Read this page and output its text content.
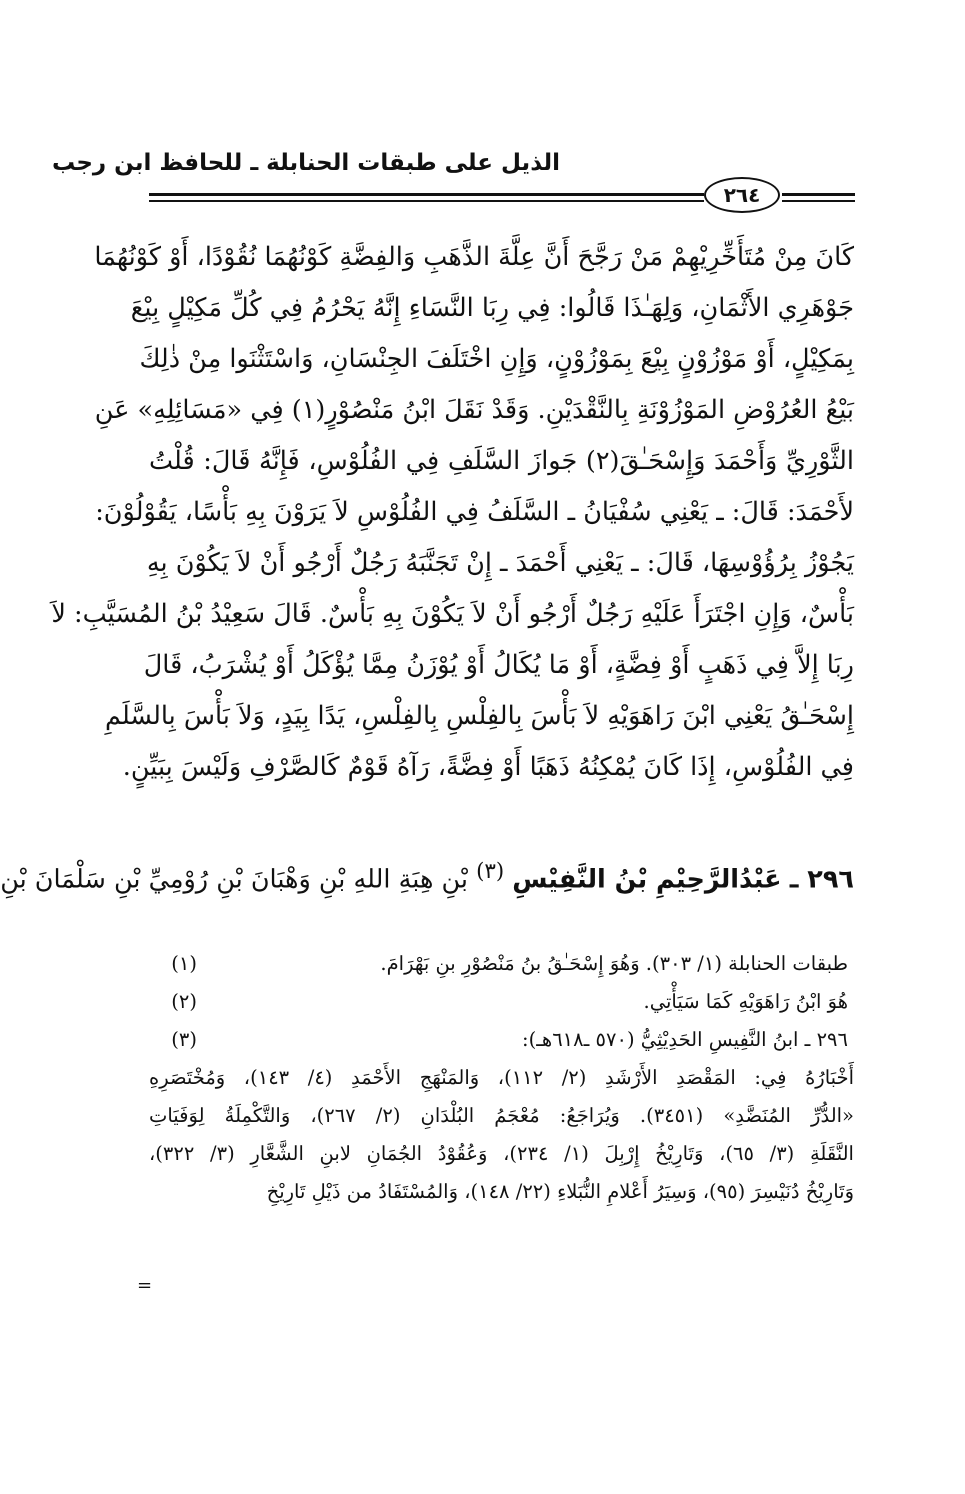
الذيل على طبقات الحنابلة ـ للحافظ ابن رجب
٢٦٤
كَانَ مِنْ مُتَأَخِّرِيْهِمْ مَنْ رَجَّحَ أَنَّ عِلَّةَ الذَّهَبِ وَالفِضَّةِ كَوْنُهُمَا نُقُوْدًا، أَوْ كَوْنُهُمَا
جَوْهَرِي الأَثْمَانِ، وَلِهَـٰذَا قَالُوا: فِي رِبَا النَّسَاءِ إِنَّهُ يَحْرُمُ فِي كُلِّ مَكِيْلٍ بِيْعَ
بِمَكِيْلٍ، أَوْ مَوْزُوْنٍ بِيْعَ بِمَوْزُوْنٍ، وَإِنِ اخْتَلَفَ الجِنْسَانِ، وَاسْتَثْنَوا مِنْ ذٰلِكَ
بَيْعُ العُرُوْضِ المَوْزُوْنَةِ بِالنَّقْدَيْنِ. وَقَدْ نَقَلَ ابْنُ مَنْصُوْرٍ(١) فِي «مَسَائِلِهِ» عَنِ
الثَّوْرِيِّ وَأَحْمَدَ وَإِسْحَـٰقَ(٢) جَوازَ السَّلَفِ فِي الفُلُوْسِ، فَإِنَّهُ قَالَ: قُلْتُ
لأَحْمَدَ: قَالَ: ـ يَعْنِي سُفْيَانُ ـ السَّلَفُ فِي الفُلُوْسِ لاَ يَرَوْنَ بِهِ بَأْسًا، يَقُوْلُوْنَ:
يَجُوْزُ بِرُؤُوْسِهَا، قَالَ: ـ يَعْنِي أَحْمَدَ ـ إِنْ تَجَنَّبَهُ رَجُلٌ أَرْجُو أَنْ لاَ يَكُوْنَ بِهِ
بَأْسٌ، وَإِنِ اجْتَرَأَ عَلَيْهِ رَجُلٌ أَرْجُو أَنْ لاَ يَكُوْنَ بِهِ بَأْسٌ. قَالَ سَعِيْدُ بْنُ المُسَيَّبِ: لاَ
رِبَا إِلاَّ فِي ذَهَبٍ أَوْ فِضَّةٍ، أَوْ مَا يُكَالُ أَوْ يُوْزَنُ مِمَّا يُؤْكَلُ أَوْ يُشْرَبُ، قَالَ
إِسْحَـٰقُ يَعْنِي ابْنَ رَاهَوَيْهِ لاَ بَأْسَ بِالفِلْسِ بِالفِلْسِ، يَدًا بِيَدٍ، وَلاَ بَأْسَ بِالسَّلَمِ
فِي الفُلُوْسِ، إِذَا كَانَ يُمْكِنُهُ ذَهَبًا أَوْ فِضَّةً، رَآهُ قَوْمٌ كَالصَّرْفِ وَلَيْسَ بِبَيِّنٍ.
٢٩٦ ـ عَبْدُالرَّحِيْمِ بْنُ النَّفِيْسِ $^{(٣)}$ بْنِ هِبَةِ اللهِ بْنِ وَهْبَانَ بْنِ رُوْمِيِّ بْنِ سَلْمَانَ بْنِ
طبقات الحنابلة (١/ ٣٠٣). وَهُوَ إِسْحَـٰقُ بنُ مَنْصُوْرِ بنِ بَهْرَامَ.
(١)
هُوَ ابْنُ رَاهَوَيْهِ كَمَا سَيَأْتِي.
(٢)
٢٩٦ ـ ابنُ النَّفِيسِ الحَدِيْثِيُّ (٥٧٠ ـ٦١٨هـ):
(٣)
أَخْبَارُهُ فِي: المَقْصَدِ الأَرْشَدِ (٢/ ١١٢)، وَالمَنْهَجِ الأَحْمَدِ (٤/ ١٤٣)، وَمُخْتَصَرِهِ
«الدُّرِّ المُنَضَّدِ» (٣٤٥١). وَيُرَاجَعُ: مُعْجَمُ البُلْدَانِ (٢/ ٢٦٧)، وَالتَّكْمِلَةُ لِوَفَيَاتِ
النَّقَلَةِ (٣/ ٦٥)، وَتَارِيْخُ إِرْبِلَ (١/ ٢٣٤)، وَعُقُوْدُ الجُمَانِ لابنِ الشَّعَّارِ (٣/ ٣٢٢)،
وَتَارِيْخُ دُنَيْسِرَ (٩٥)، وَسِيَرُ أَعْلامِ النُّبَلاءِ (٢٢/ ١٤٨)، وَالمُسْتَفَادُ من ذَيْلِ تَارِيْخِ
=
